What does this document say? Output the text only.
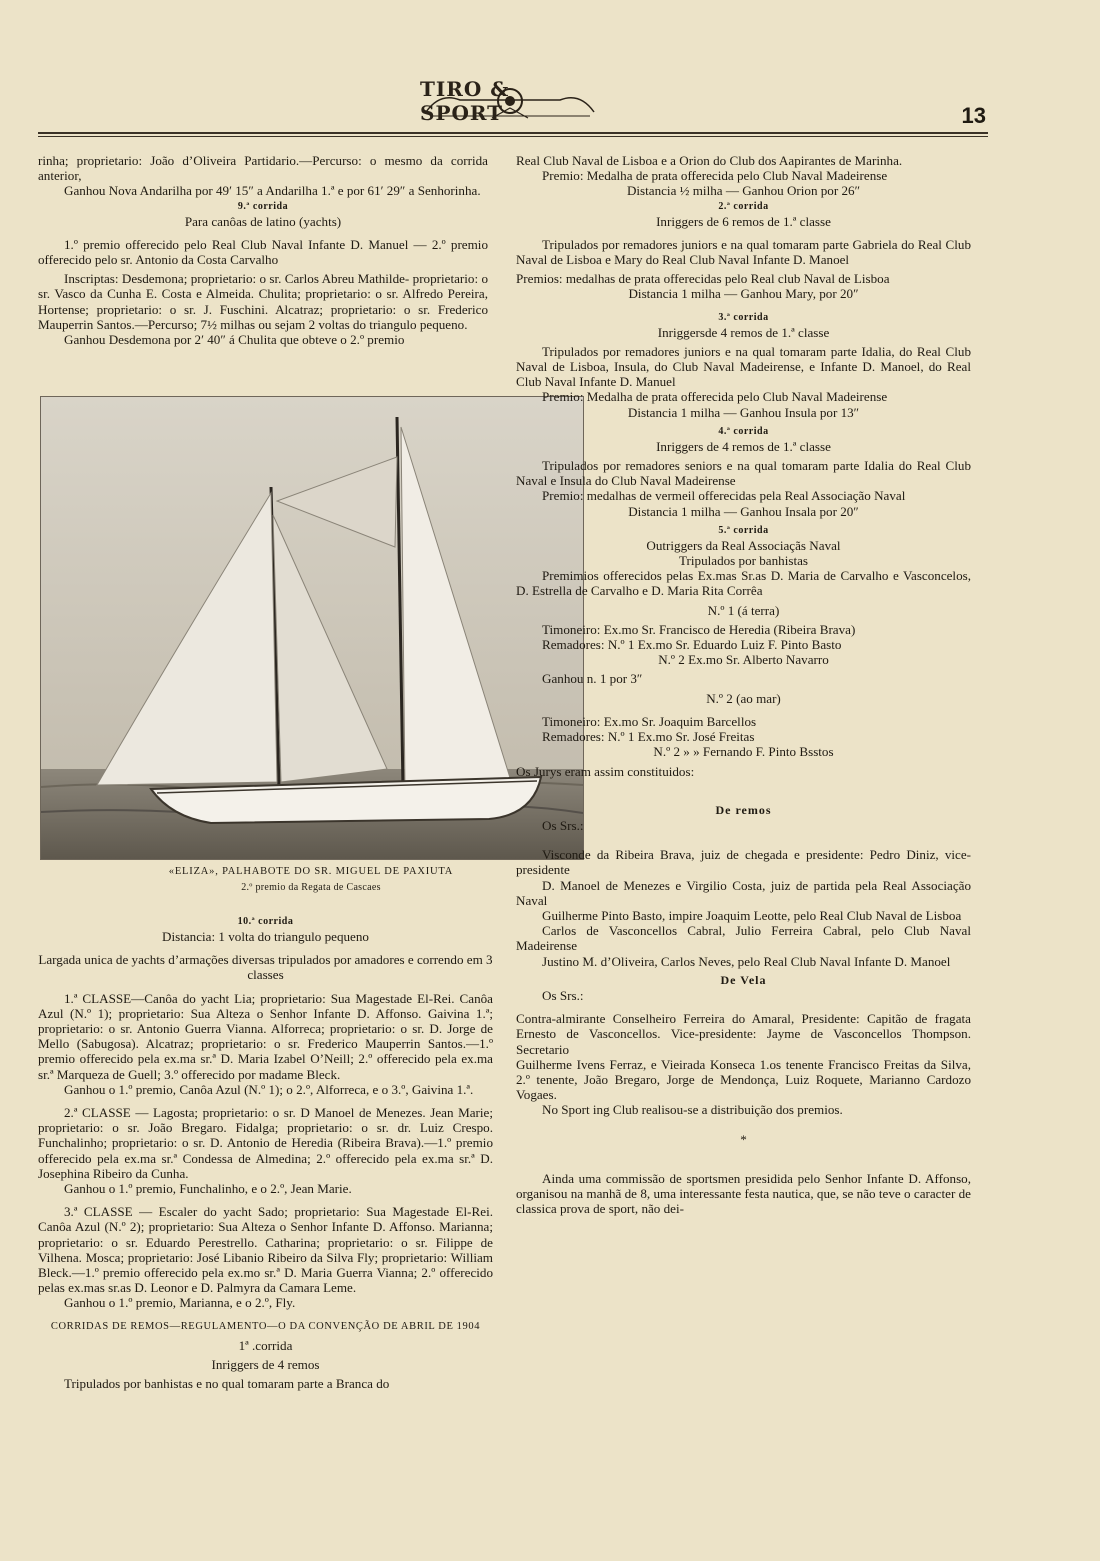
TIRO & SPORT	13

rinha; proprietario: João d’Oliveira Partidario.—Percurso: o mesmo da corrida anterior,

Ganhou Nova Andarilha por 49′ 15″ a Andarilha 1.ª e por 61′ 29″ a Senhorinha.

9.ª corrida

Para canôas de latino (yachts)

1.º premio offerecido pelo Real Club Naval Infante D. Manuel — 2.º premio offerecido pelo sr. Antonio da Costa Carvalho

Inscriptas: Desdemona; proprietario: o sr. Carlos Abreu Mathilde- proprietario: o sr. Vasco da Cunha E. Costa e Almeida. Chulita; proprietario: o sr. Alfredo Pereira, Hortense; proprietario: o sr. J. Fuschini. Alcatraz; proprietario: o sr. Frederico Mauperrin Santos.—Percurso; 7½ milhas ou sejam 2 voltas do triangulo pequeno.

Ganhou Desdemona por 2′ 40″ á Chulita que obteve o 2.º premio

«ELIZA», PALHABOTE DO SR. MIGUEL DE PAXIUTA
2.º premio da Regata de Cascaes

10.ª corrida

Distancia: 1 volta do triangulo pequeno

Largada unica de yachts d’armações diversas tripulados por amadores e correndo em 3 classes

1.ª CLASSE—Canôa do yacht Lia; proprietario: Sua Magestade El-Rei. Canôa Azul (N.º 1); proprietario: Sua Alteza o Senhor Infante D. Affonso. Gaivina 1.ª; proprietario: o sr. Antonio Guerra Vianna. Alforreca; proprietario: o sr. D. Jorge de Mello (Sabugosa). Alcatraz; proprietario: o sr. Frederico Mauperrin Santos.—1.º premio offerecido pela ex.ma sr.ª D. Maria Izabel O’Neill; 2.º offerecido pela ex.ma sr.ª Marqueza de Guell; 3.º offerecido por madame Bleck.

Ganhou o 1.º premio, Canôa Azul (N.º 1); o 2.º, Alforreca, e o 3.º, Gaivina 1.ª.

2.ª CLASSE — Lagosta; proprietario: o sr. D Manoel de Menezes. Jean Marie; proprietario: o sr. João Bregaro. Fidalga; proprietario: o sr. dr. Luiz Crespo. Funchalinho; proprietario: o sr. D. Antonio de Heredia (Ribeira Brava).—1.º premio offerecido pela ex.ma sr.ª Condessa de Almedina; 2.º offerecido pela ex.ma sr.ª D. Josephina Ribeiro da Cunha.

Ganhou o 1.º premio, Funchalinho, e o 2.º, Jean Marie.

3.ª CLASSE — Escaler do yacht Sado; proprietario: Sua Magestade El-Rei. Canôa Azul (N.º 2); proprietario: Sua Alteza o Senhor Infante D. Affonso. Marianna; proprietario: o sr. Eduardo Perestrello. Catharina; proprietario: o sr. Filippe de Vilhena. Mosca; proprietario: José Libanio Ribeiro da Silva Fly; proprietario: William Bleck.—1.º premio offerecido pela ex.mo sr.ª D. Maria Guerra Vianna; 2.º offerecido pelas ex.mas sr.as D. Leonor e D. Palmyra da Camara Leme.

Ganhou o 1.º premio, Marianna, e o 2.º, Fly.

CORRIDAS DE REMOS—REGULAMENTO—O DA CONVENÇÃO DE ABRIL DE 1904

1ª .corrida

Inriggers de 4 remos

Tripulados por banhistas e no qual tomaram parte a Branca do

Real Club Naval de Lisboa e a Orion do Club dos Aapirantes de Marinha.

Premio: Medalha de prata offerecida pelo Club Naval Madeirense

Distancia ½ milha — Ganhou Orion por 26″

2.ª corrida

Inriggers de 6 remos de 1.ª classe

Tripulados por remadores juniors e na qual tomaram parte Gabriela do Real Club Naval de Lisboa e Mary do Real Club Naval Infante D. Manoel

Premios: medalhas de prata offerecidas pelo Real club Naval de Lisboa

Distancia 1 milha — Ganhou Mary, por 20″

3.ª corrida

Inriggersde 4 remos de 1.ª classe

Tripulados por remadores juniors e na qual tomaram parte Idalia, do Real Club Naval de Lisboa, Insula, do Club Naval Madeirense, e Infante D. Manoel, do Real Club Naval Infante D. Manuel

Premio: Medalha de prata offerecida pelo Club Naval Madeirense

Distancia 1 milha — Ganhou Insula por 13″

4.ª corrida

Inriggers de 4 remos de 1.ª classe

Tripulados por remadores seniors e na qual tomaram parte Idalia do Real Club Naval e Insula do Club Naval Madeirense

Premio: medalhas de vermeil offerecidas pela Real Associação Naval

Distancia 1 milha — Ganhou Insala por 20″

5.ª corrida

Outriggers da Real Associaçãs Naval

Tripulados por banhistas

Premimios offerecidos pelas Ex.mas Sr.as D. Maria de Carvalho e Vasconcelos, D. Estrella de Carvalho e D. Maria Rita Corrêa

N.º 1 (á terra)

Timoneiro: Ex.mo Sr. Francisco de Heredia (Ribeira Brava)

Remadores: N.º 1 Ex.mo Sr. Eduardo Luiz F. Pinto Basto

N.º 2 Ex.mo Sr. Alberto Navarro

Ganhou n. 1 por 3″

N.º 2 (ao mar)

Timoneiro: Ex.mo Sr. Joaquim Barcellos

Remadores: N.º 1 Ex.mo Sr. José Freitas

N.º 2 » » Fernando F. Pinto Bsstos

Os Jurys eram assim constituidos:

De remos

Os Srs.:

Visconde da Ribeira Brava, juiz de chegada e presidente: Pedro Diniz, vice-presidente

D. Manoel de Menezes e Virgilio Costa, juiz de partida pela Real Associação Naval

Guilherme Pinto Basto, impire Joaquim Leotte, pelo Real Club Naval de Lisboa

Carlos de Vasconcellos Cabral, Julio Ferreira Cabral, pelo Club Naval Madeirense

Justino M. d’Oliveira, Carlos Neves, pelo Real Club Naval Infante D. Manoel

De Vela

Os Srs.:

Contra-almirante Conselheiro Ferreira do Amaral, Presidente: Capitão de fragata Ernesto de Vasconcellos. Vice-presidente: Jayme de Vasconcellos Thompson. Secretario

Guilherme Ivens Ferraz, e Vieirada Konseca 1.os tenente Francisco Freitas da Silva, 2.º tenente, João Bregaro, Jorge de Mendonça, Luiz Roquete, Marianno Cardozo Vogaes.

No Sport ing Club realisou-se a distribuição dos premios.

*

Ainda uma commissão de sportsmen presidida pelo Senhor Infante D. Affonso, organisou na manhã de 8, uma interessante festa nautica, que, se não teve o caracter de classica prova de sport, não dei-
